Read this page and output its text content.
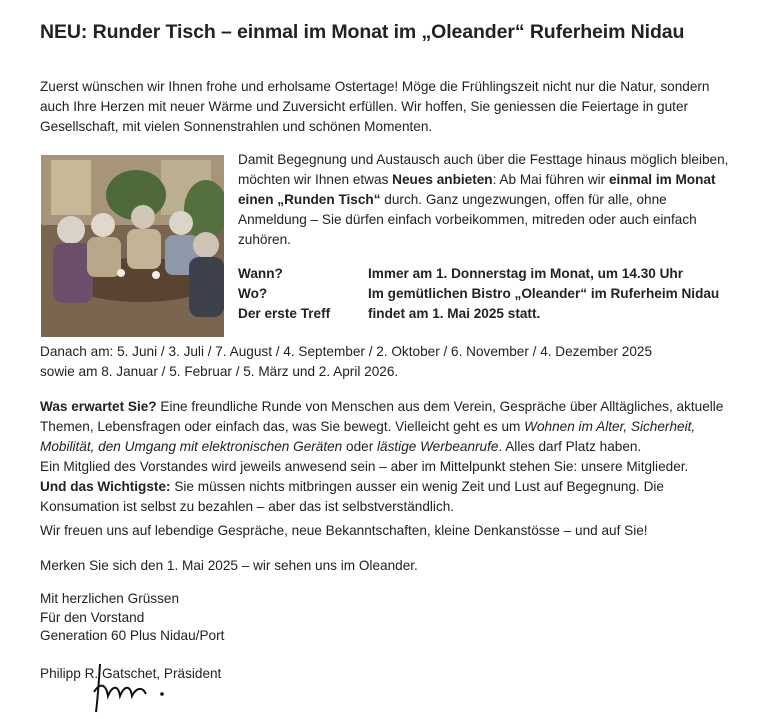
NEU: Runder Tisch – einmal im Monat im „Oleander“ Ruferheim Nidau
Zuerst wünschen wir Ihnen frohe und erholsame Ostertage! Möge die Frühlingszeit nicht nur die Natur, sondern auch Ihre Herzen mit neuer Wärme und Zuversicht erfüllen. Wir hoffen, Sie geniessen die Feiertage in guter Gesellschaft, mit vielen Sonnenstrahlen und schönen Momenten.
Damit Begegnung und Austausch auch über die Festtage hinaus möglich bleiben, möchten wir Ihnen etwas Neues anbieten: Ab Mai führen wir einmal im Monat einen „Runden Tisch“ durch. Ganz ungezwungen, offen für alle, ohne Anmeldung – Sie dürfen einfach vorbeikommen, mitreden oder auch einfach zuhören.
Wann?	Immer am 1. Donnerstag im Monat, um 14.30 Uhr
Wo?	Im gemütlichen Bistro „Oleander“ im Ruferheim Nidau
Der erste Treff	findet am 1. Mai 2025 statt.
Danach am: 5. Juni / 3. Juli / 7. August / 4. September / 2. Oktober / 6. November / 4. Dezember 2025
sowie am 8. Januar / 5. Februar / 5. März und 2. April 2026.
Was erwartet Sie? Eine freundliche Runde von Menschen aus dem Verein, Gespräche über Alltägliches, aktuelle Themen, Lebensfragen oder einfach das, was Sie bewegt. Vielleicht geht es um Wohnen im Alter, Sicherheit, Mobilität, den Umgang mit elektronischen Geräten oder lästige Werbeanrufe. Alles darf Platz haben.
Ein Mitglied des Vorstandes wird jeweils anwesend sein – aber im Mittelpunkt stehen Sie: unsere Mitglieder.
Und das Wichtigste: Sie müssen nichts mitbringen ausser ein wenig Zeit und Lust auf Begegnung. Die Konsumation ist selbst zu bezahlen – aber das ist selbstverständlich.
Wir freuen uns auf lebendige Gespräche, neue Bekanntschaften, kleine Denkanstösse – und auf Sie!
Merken Sie sich den 1. Mai 2025 – wir sehen uns im Oleander.
Mit herzlichen Grüssen
Für den Vorstand
Generation 60 Plus Nidau/Port
Philipp R. Gatschet, Präsident
